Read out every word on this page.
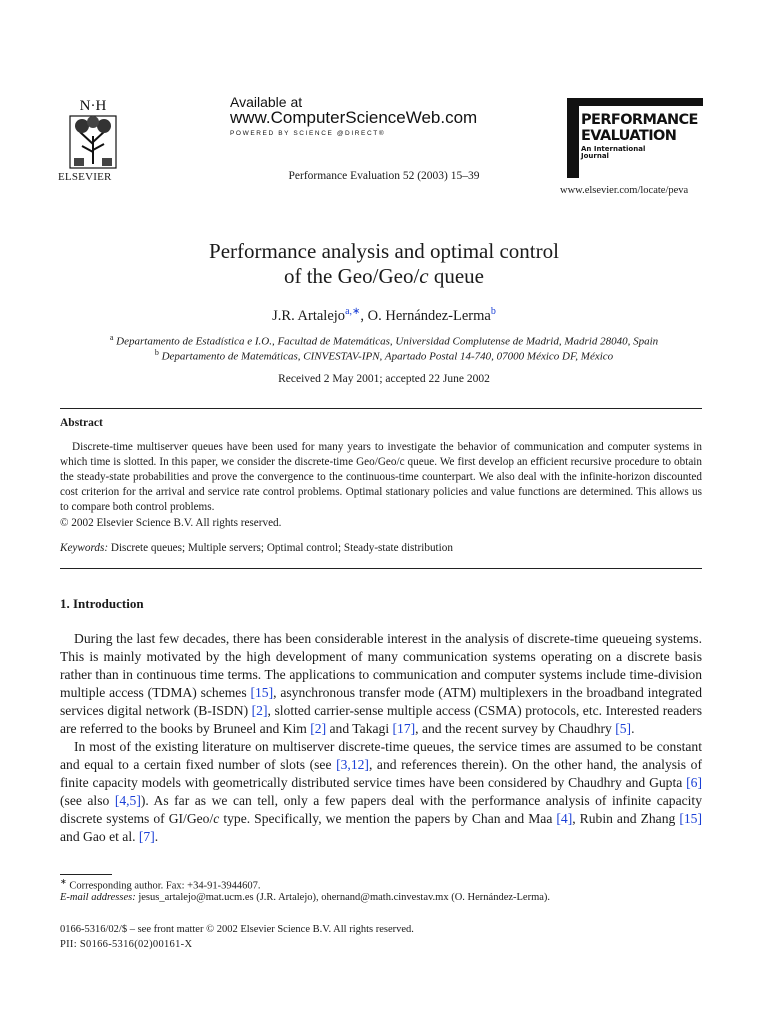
N·H
ELSEVIER
Available at
www.ComputerScienceWeb.com
POWERED BY SCIENCE @DIRECT®
Performance Evaluation 52 (2003) 15–39
PERFORMANCE
EVALUATION
An International
Journal
www.elsevier.com/locate/peva
Performance analysis and optimal control
of the Geo/Geo/c queue
J.R. Artalejo$^{a,∗}$, O. Hernández-Lerma$^b$
$^a$ Departamento de Estadística e I.O., Facultad de Matemáticas, Universidad Complutense de Madrid, Madrid 28040, Spain
$^b$ Departamento de Matemáticas, CINVESTAV-IPN, Apartado Postal 14-740, 07000 México DF, México
Received 2 May 2001; accepted 22 June 2002
Abstract

Discrete-time multiserver queues have been used for many years to investigate the behavior of communication and computer systems in which time is slotted. In this paper, we consider the discrete-time Geo/Geo/c queue. We first develop an efficient recursive procedure to obtain the steady-state probabilities and prove the convergence to the continuous-time counterpart. We also deal with the infinite-horizon discounted cost criterion for the arrival and service rate control problems. Optimal stationary policies and value functions are determined. This allows us to compare both control problems.

© 2002 Elsevier Science B.V. All rights reserved.
Keywords: Discrete queues; Multiple servers; Optimal control; Steady-state distribution
1. Introduction

During the last few decades, there has been considerable interest in the analysis of discrete-time queueing systems. This is mainly motivated by the high development of many communication systems operating on a discrete basis rather than in continuous time terms. The applications to communication and computer systems include time-division multiple access (TDMA) schemes [15], asynchronous transfer mode (ATM) multiplexers in the broadband integrated services digital network (B-ISDN) [2], slotted carrier-sense multiple access (CSMA) protocols, etc. Interested readers are referred to the books by Bruneel and Kim [2] and Takagi [17], and the recent survey by Chaudhry [5].

In most of the existing literature on multiserver discrete-time queues, the service times are assumed to be constant and equal to a certain fixed number of slots (see [3,12], and references therein). On the other hand, the analysis of finite capacity models with geometrically distributed service times have been considered by Chaudhry and Gupta [6] (see also [4,5]). As far as we can tell, only a few papers deal with the performance analysis of infinite capacity discrete systems of GI/Geo/c type. Specifically, we mention the papers by Chan and Maa [4], Rubin and Zhang [15] and Gao et al. [7].

∗ Corresponding author. Fax: +34-91-3944607.
E-mail addresses: jesus_artalejo@mat.ucm.es (J.R. Artalejo), ohernand@math.cinvestav.mx (O. Hernández-Lerma).
0166-5316/02/$ – see front matter © 2002 Elsevier Science B.V. All rights reserved.
PII: S0166-5316(02)00161-X
